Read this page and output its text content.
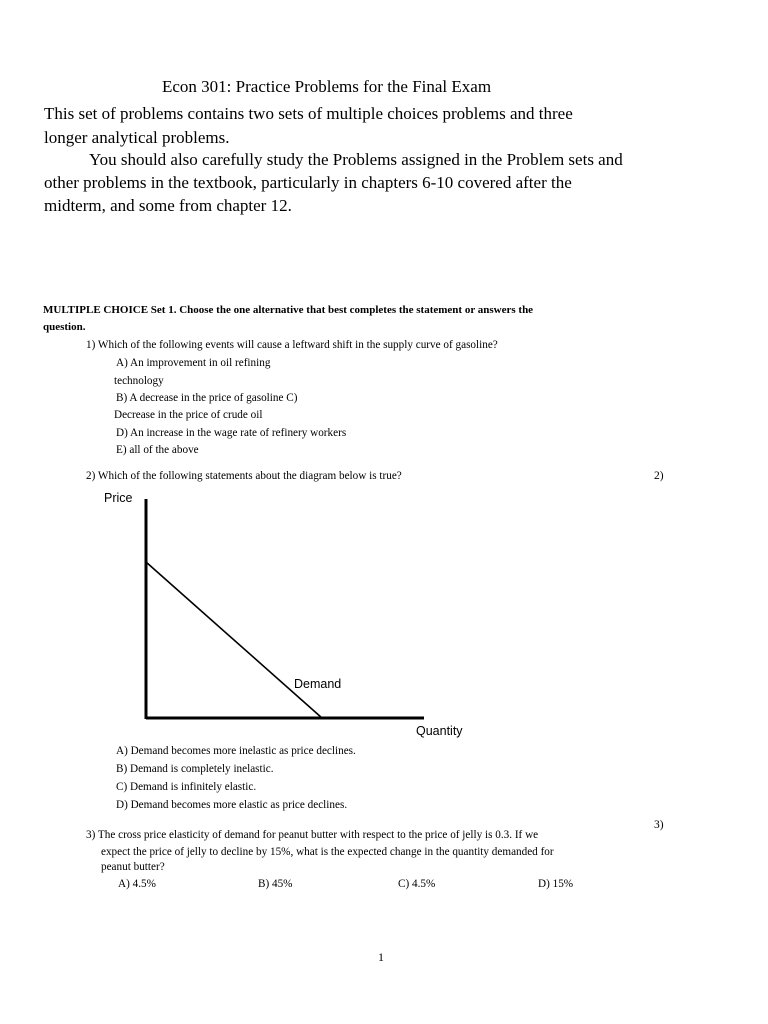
Econ 301: Practice Problems for the Final Exam
This set of problems contains two sets of multiple choices problems and three
longer analytical problems.
You should also carefully study the Problems assigned in the Problem sets and
other problems in the textbook, particularly in chapters 6-10 covered after the
midterm, and some from chapter 12.
MULTIPLE CHOICE Set 1. Choose the one alternative that best completes the statement or answers the
question.
1) Which of the following events will cause a leftward shift in the supply curve of gasoline?
A) An improvement in oil refining
technology
B) A decrease in the price of gasoline C)
Decrease in the price of crude oil
D) An increase in the wage rate of refinery workers
E) all of the above
2) Which of the following statements about the diagram below is true?	2)
Price
Quantity
Demand
A) Demand becomes more inelastic as price declines.
B) Demand is completely inelastic.
C) Demand is infinitely elastic.
D) Demand becomes more elastic as price declines.
3)
3) The cross price elasticity of demand for peanut butter with respect to the price of jelly is 0.3. If we
expect the price of jelly to decline by 15%, what is the expected change in the quantity demanded for
peanut butter?
A) 4.5%	B) 45%	C) 4.5%	D) 15%
1
